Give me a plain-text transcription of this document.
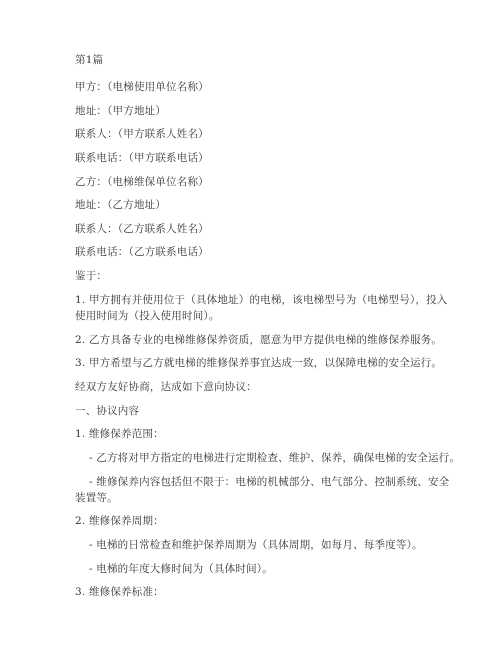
第1篇
甲方：（电梯使用单位名称）
地址：（甲方地址）
联系人：（甲方联系人姓名）
联系电话：（甲方联系电话）
乙方：（电梯维保单位名称）
地址：（乙方地址）
联系人：（乙方联系人姓名）
联系电话：（乙方联系电话）
鉴于：
1. 甲方拥有并使用位于（具体地址）的电梯，该电梯型号为（电梯型号），投入
使用时间为（投入使用时间）。
2. 乙方具备专业的电梯维修保养资质，愿意为甲方提供电梯的维修保养服务。
3. 甲方希望与乙方就电梯的维修保养事宜达成一致，以保障电梯的安全运行。
经双方友好协商，达成如下意向协议：
一、协议内容
1. 维修保养范围：
- 乙方将对甲方指定的电梯进行定期检查、维护、保养，确保电梯的安全运行。
- 维修保养内容包括但不限于：电梯的机械部分、电气部分、控制系统、安全
装置等。
2. 维修保养周期：
- 电梯的日常检查和维护保养周期为（具体周期，如每月、每季度等）。
- 电梯的年度大修时间为（具体时间）。
3. 维修保养标准：
